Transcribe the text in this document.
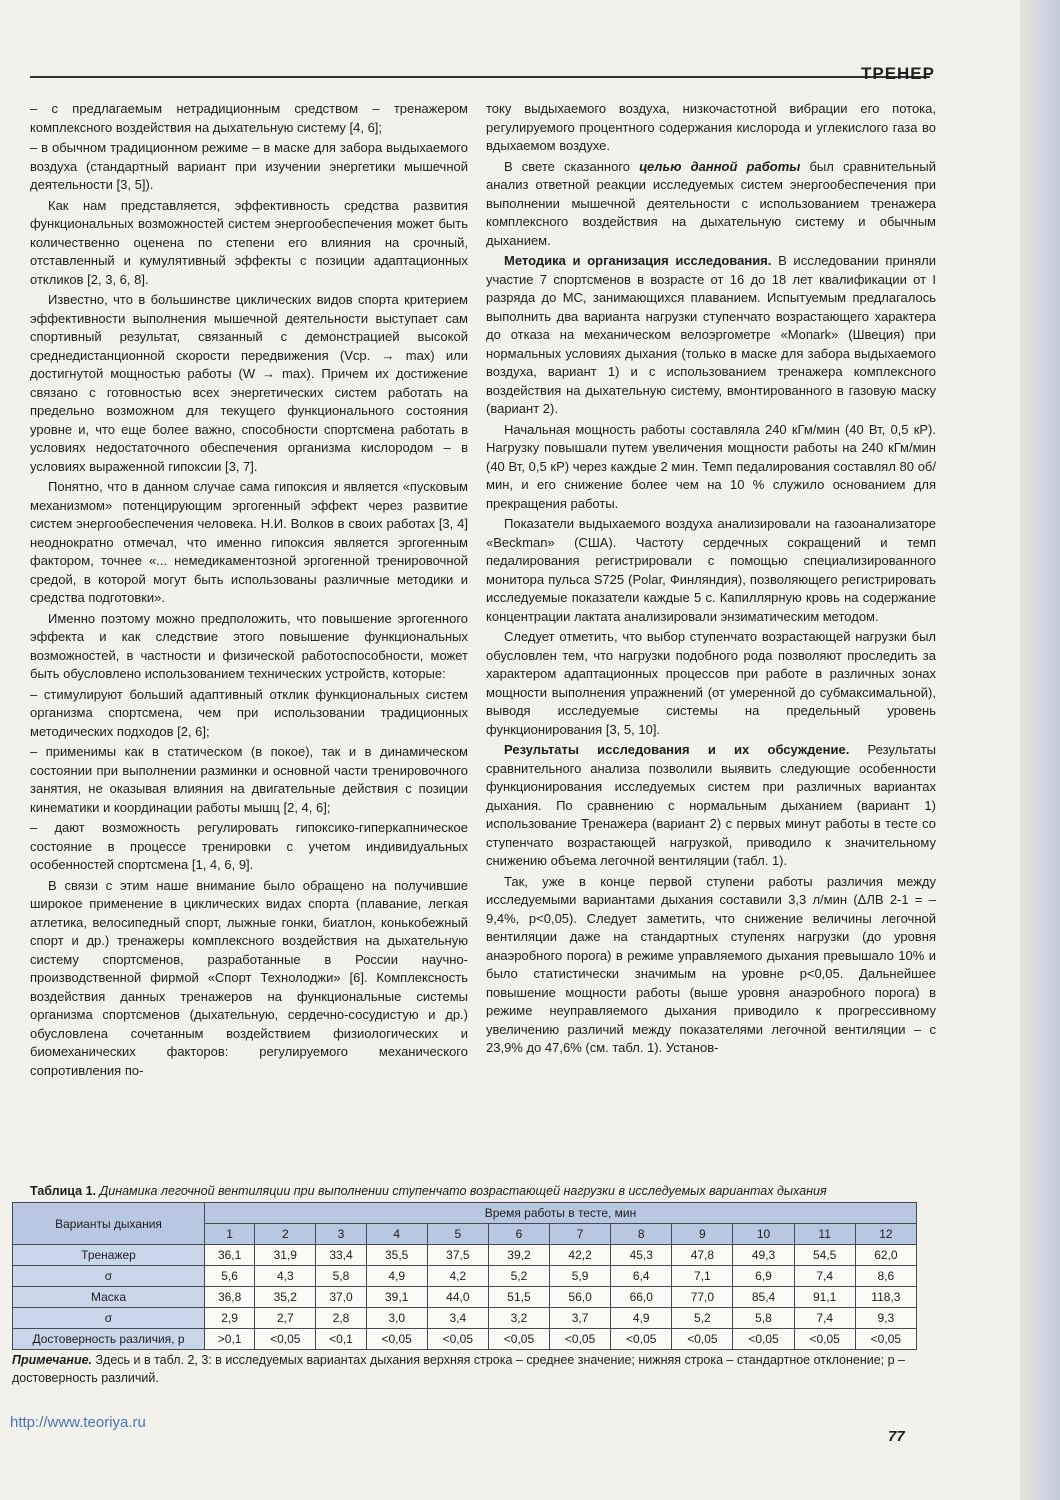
ТРЕНЕР

– с предлагаемым нетрадиционным средством – тренажером комплексного воздействия на дыхательную систему [4, 6];

– в обычном традиционном режиме – в маске для забора выдыхаемого воздуха (стандартный вариант при изучении энергетики мышечной деятельности [3, 5]).

Как нам представляется, эффективность средства развития функциональных возможностей систем энергообеспечения может быть количественно оценена по степени его влияния на срочный, отставленный и кумулятивный эффекты с позиции адаптационных откликов [2, 3, 6, 8].

Известно, что в большинстве циклических видов спорта критерием эффективности выполнения мышечной деятельности выступает сам спортивный результат, связанный с демонстрацией высокой среднедистанционной скорости передвижения (Vср. → max) или достигнутой мощностью работы (W → max). Причем их достижение связано с готовностью всех энергетических систем работать на предельно возможном для текущего функционального состояния уровне и, что еще более важно, способности спортсмена работать в условиях недостаточного обеспечения организма кислородом – в условиях выраженной гипоксии [3, 7].

Понятно, что в данном случае сама гипоксия и является «пусковым механизмом» потенцирующим эргогенный эффект через развитие систем энергообеспечения человека. Н.И. Волков в своих работах [3, 4] неоднократно отмечал, что именно гипоксия является эргогенным фактором, точнее «... немедикаментозной эргогенной тренировочной средой, в которой могут быть использованы различные методики и средства подготовки».

Именно поэтому можно предположить, что повышение эргогенного эффекта и как следствие этого повышение функциональных возможностей, в частности и физической работоспособности, может быть обусловлено использованием технических устройств, которые:

– стимулируют больший адаптивный отклик функциональных систем организма спортсмена, чем при использовании традиционных методических подходов [2, 6];

– применимы как в статическом (в покое), так и в динамическом состоянии при выполнении разминки и основной части тренировочного занятия, не оказывая влияния на двигательные действия с позиции кинематики и координации работы мышц [2, 4, 6];

– дают возможность регулировать гипоксико-гиперкапническое состояние в процессе тренировки с учетом индивидуальных особенностей спортсмена [1, 4, 6, 9].

В связи с этим наше внимание было обращено на получившие широкое применение в циклических видах спорта (плавание, легкая атлетика, велосипедный спорт, лыжные гонки, биатлон, конькобежный спорт и др.) тренажеры комплексного воздействия на дыхательную систему спортсменов, разработанные в России научно-производственной фирмой «Спорт Технолоджи» [6]. Комплексность воздействия данных тренажеров на функциональные системы организма спортсменов (дыхательную, сердечно-сосудистую и др.) обусловлена сочетанным воздействием физиологических и биомеханических факторов: регулируемого механического сопротивления по-

току выдыхаемого воздуха, низкочастотной вибрации его потока, регулируемого процентного содержания кислорода и углекислого газа во вдыхаемом воздухе.

В свете сказанного целью данной работы был сравнительный анализ ответной реакции исследуемых систем энергообеспечения при выполнении мышечной деятельности с использованием тренажера комплексного воздействия на дыхательную систему и обычным дыханием.

Методика и организация исследования. В исследовании приняли участие 7 спортсменов в возрасте от 16 до 18 лет квалификации от I разряда до МС, занимающихся плаванием. Испытуемым предлагалось выполнить два варианта нагрузки ступенчато возрастающего характера до отказа на механическом велоэргометре «Monark» (Швеция) при нормальных условиях дыхания (только в маске для забора выдыхаемого воздуха, вариант 1) и с использованием тренажера комплексного воздействия на дыхательную систему, вмонтированного в газовую маску (вариант 2).

Начальная мощность работы составляла 240 кГм/мин (40 Вт, 0,5 кР). Нагрузку повышали путем увеличения мощности работы на 240 кГм/мин (40 Вт, 0,5 кР) через каждые 2 мин. Темп педалирования составлял 80 об/мин, и его снижение более чем на 10 % служило основанием для прекращения работы.

Показатели выдыхаемого воздуха анализировали на газоанализаторе «Beckman» (США). Частоту сердечных сокращений и темп педалирования регистрировали с помощью специализированного монитора пульса S725 (Polar, Финляндия), позволяющего регистрировать исследуемые показатели каждые 5 с. Капиллярную кровь на содержание концентрации лактата анализировали энзиматическим методом.

Следует отметить, что выбор ступенчато возрастающей нагрузки был обусловлен тем, что нагрузки подобного рода позволяют проследить за характером адаптационных процессов при работе в различных зонах мощности выполнения упражнений (от умеренной до субмаксимальной), выводя исследуемые системы на предельный уровень функционирования [3, 5, 10].

Результаты исследования и их обсуждение. Результаты сравнительного анализа позволили выявить следующие особенности функционирования исследуемых систем при различных вариантах дыхания. По сравнению с нормальным дыханием (вариант 1) использование Тренажера (вариант 2) с первых минут работы в тесте со ступенчато возрастающей нагрузкой, приводило к значительному снижению объема легочной вентиляции (табл. 1).

Так, уже в конце первой ступени работы различия между исследуемыми вариантами дыхания составили 3,3 л/мин (ΔЛВ 2-1 = –9,4%, p<0,05). Следует заметить, что снижение величины легочной вентиляции даже на стандартных ступенях нагрузки (до уровня анаэробного порога) в режиме управляемого дыхания превышало 10% и было статистически значимым на уровне p<0,05. Дальнейшее повышение мощности работы (выше уровня анаэробного порога) в режиме неуправляемого дыхания приводило к прогрессивному увеличению различий между показателями легочной вентиляции – с 23,9% до 47,6% (см. табл. 1). Установ-

Таблица 1. Динамика легочной вентиляции при выполнении ступенчато возрастающей нагрузки в исследуемых вариантах дыхания
Варианты дыхания	Время работы в тесте, мин											
	1	2	3	4	5	6	7	8	9	10	11	12
Тренажер	36,1	31,9	33,4	35,5	37,5	39,2	42,2	45,3	47,8	49,3	54,5	62,0
σ	5,6	4,3	5,8	4,9	4,2	5,2	5,9	6,4	7,1	6,9	7,4	8,6
Маска	36,8	35,2	37,0	39,1	44,0	51,5	56,0	66,0	77,0	85,4	91,1	118,3
σ	2,9	2,7	2,8	3,0	3,4	3,2	3,7	4,9	5,2	5,8	7,4	9,3
Достоверность различия, p	>0,1	<0,05	<0,1	<0,05	<0,05	<0,05	<0,05	<0,05	<0,05	<0,05	<0,05	<0,05
Примечание. Здесь и в табл. 2, 3: в исследуемых вариантах дыхания верхняя строка – среднее значение; нижняя строка – стандартное отклонение; p – достоверность различий.
http://www.teoriya.ru
77
